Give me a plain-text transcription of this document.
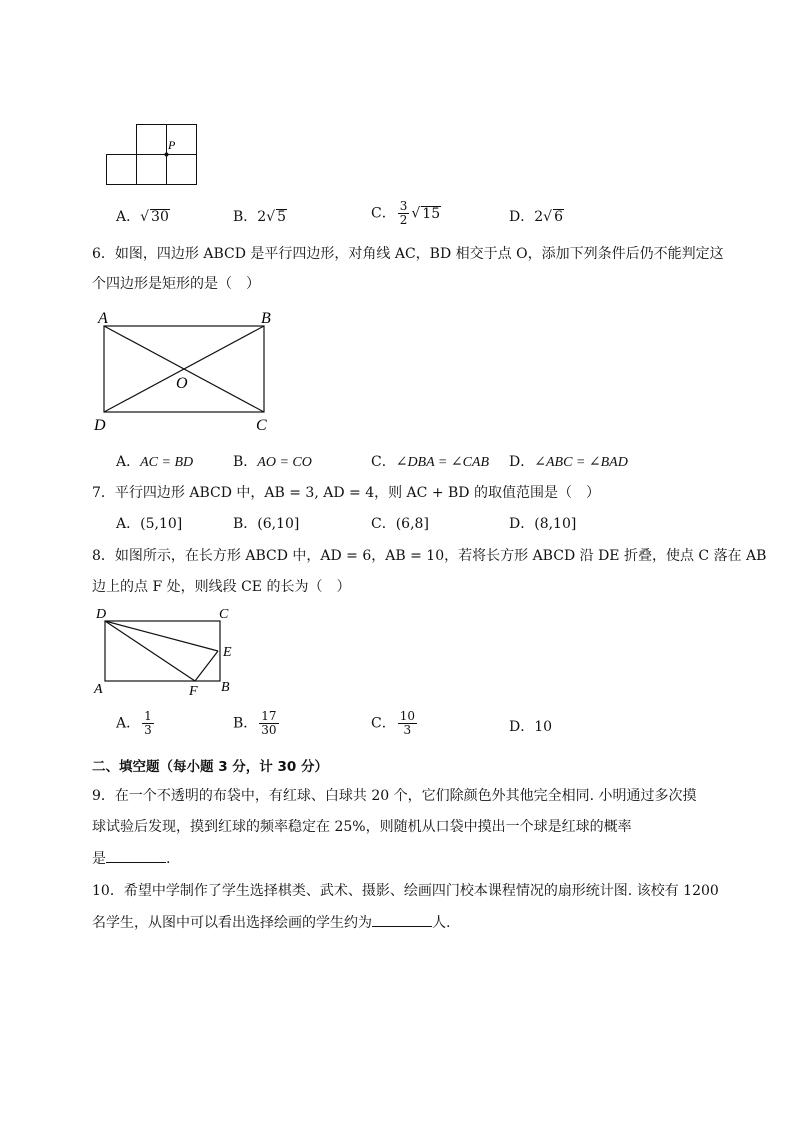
P
A．√ 30	B．2√ 5	C． $\frac{3}{2}$ √ 15	D．2√ 6
6．如图，四边形 ABCD 是平行四边形，对角线 AC，BD 相交于点 O，添加下列条件后仍不能判定这
个四边形是矩形的是（　）
A	B
O
D	C
A．AC = BD	B．AO = CO	C．∠DBA = ∠CAB D．∠ABC = ∠BAD
7．平行四边形 ABCD 中，AB = 3, AD = 4，则 AC + BD 的取值范围是（　）
A．(5,10]	B．(6,10]	C．(6,8]	D．(8,10]
8．如图所示，在长方形 ABCD 中，AD = 6，AB = 10，若将长方形 ABCD 沿 DE 折叠，使点 C 落在 AB
边上的点 F 处，则线段 CE 的长为（　）
D	C
E
A	F B
A． $\frac{1}{3}$	B． $\frac{17}{30}$	C． $\frac{10}{3}$	D．10
二、填空题（每小题 3 分，计 30 分）
9．在一个不透明的布袋中，有红球、白球共 20 个，它们除颜色外其他完全相同. 小明通过多次摸
球试验后发现，摸到红球的频率稳定在 25%，则随机从口袋中摸出一个球是红球的概率
是	.
10．希望中学制作了学生选择棋类、武术、摄影、绘画四门校本课程情况的扇形统计图. 该校有 1200
名学生，从图中可以看出选择绘画的学生约为	人.
